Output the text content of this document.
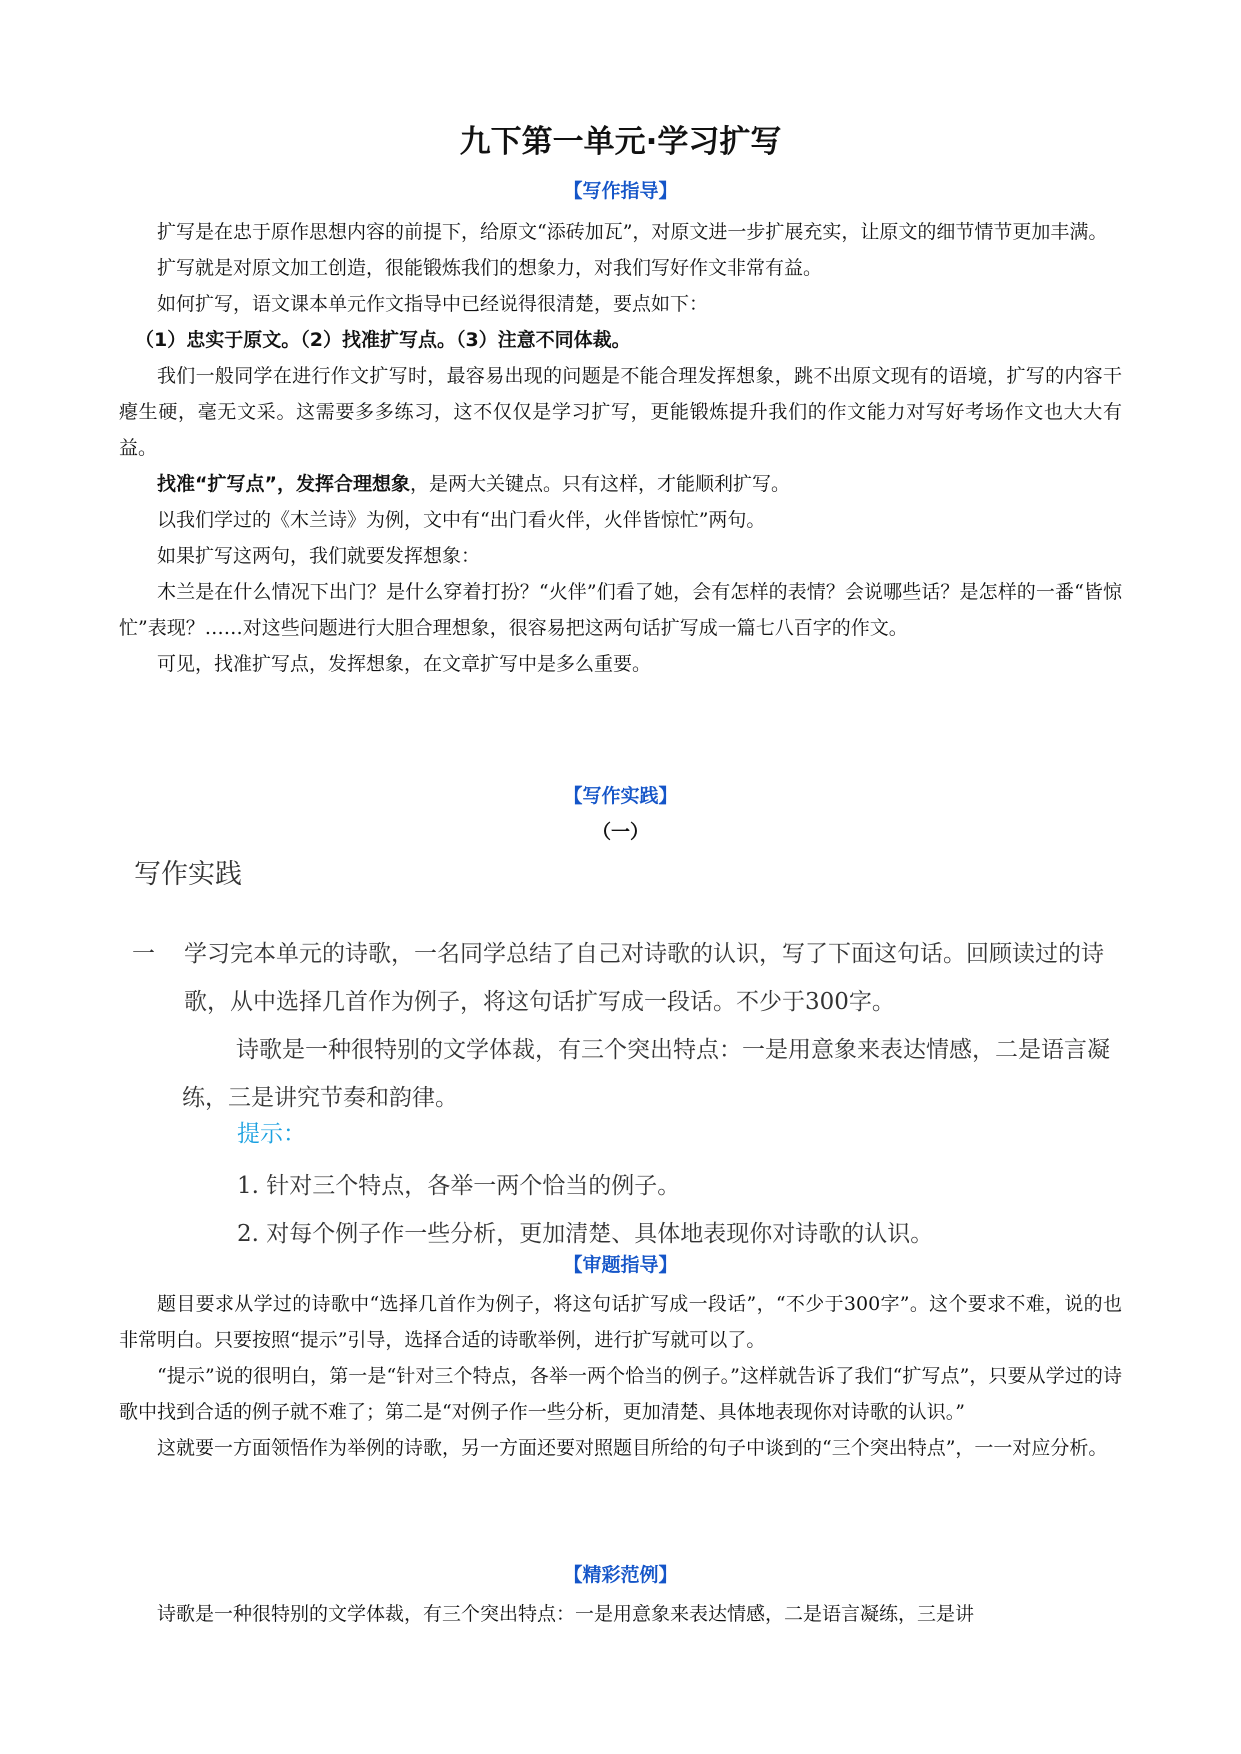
九下第一单元·学习扩写
【写作指导】

扩写是在忠于原作思想内容的前提下，给原文“添砖加瓦”，对原文进一步扩展充实，让原文的细节情节更加丰满。

扩写就是对原文加工创造，很能锻炼我们的想象力，对我们写好作文非常有益。

如何扩写，语文课本单元作文指导中已经说得很清楚，要点如下：

（1）忠实于原文。（2）找准扩写点。（3）注意不同体裁。

我们一般同学在进行作文扩写时，最容易出现的问题是不能合理发挥想象，跳不出原文现有的语境，扩写的内容干瘪生硬，毫无文采。这需要多多练习，这不仅仅是学习扩写，更能锻炼提升我们的作文能力对写好考场作文也大大有益。

找准“扩写点”，发挥合理想象，是两大关键点。只有这样，才能顺利扩写。

以我们学过的《木兰诗》为例，文中有“出门看火伴，火伴皆惊忙”两句。

如果扩写这两句，我们就要发挥想象：

木兰是在什么情况下出门？是什么穿着打扮？“火伴”们看了她，会有怎样的表情？会说哪些话？是怎样的一番“皆惊忙”表现？……对这些问题进行大胆合理想象，很容易把这两句话扩写成一篇七八百字的作文。

可见，找准扩写点，发挥想象，在文章扩写中是多么重要。

【写作实践】
（一）
写作实践
一 学习完本单元的诗歌，一名同学总结了自己对诗歌的认识，写了下面这句话。回顾读过的诗歌，从中选择几首作为例子，将这句话扩写成一段话。不少于300字。

诗歌是一种很特别的文学体裁，有三个突出特点：一是用意象来表达情感，二是语言凝练，三是讲究节奏和韵律。

提示：

1. 针对三个特点，各举一两个恰当的例子。
2. 对每个例子作一些分析，更加清楚、具体地表现你对诗歌的认识。
【审题指导】

题目要求从学过的诗歌中“选择几首作为例子，将这句话扩写成一段话”，“不少于300字”。这个要求不难，说的也非常明白。只要按照“提示”引导，选择合适的诗歌举例，进行扩写就可以了。

“提示”说的很明白，第一是“针对三个特点，各举一两个恰当的例子。”这样就告诉了我们“扩写点”，只要从学过的诗歌中找到合适的例子就不难了；第二是“对例子作一些分析，更加清楚、具体地表现你对诗歌的认识。”

这就要一方面领悟作为举例的诗歌，另一方面还要对照题目所给的句子中谈到的“三个突出特点”，一一对应分析。

【精彩范例】

诗歌是一种很特别的文学体裁，有三个突出特点：一是用意象来表达情感，二是语言凝练，三是讲
